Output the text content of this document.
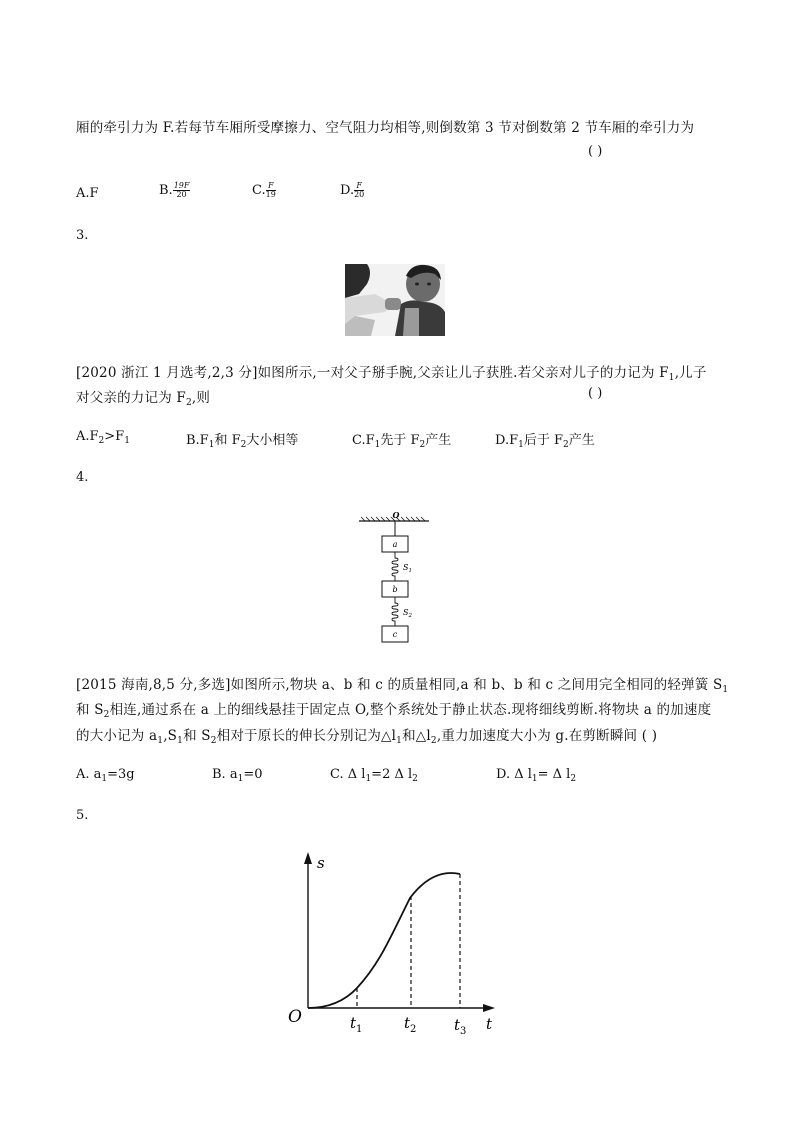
厢的牵引力为 F.若每节车厢所受摩擦力、空气阻力均相等,则倒数第 3 节对倒数第 2 节车厢的牵引力为
( )
A.F	B. $\frac{19F}{20}$	C. $\frac{F}{19}$	D. $\frac{F}{20}$
3.
[2020 浙江 1 月选考,2,3 分]如图所示,一对父子掰手腕,父亲让儿子获胜.若父亲对儿子的力记为 $F_1$,儿子
对父亲的力记为 $F_2$,则	( )
$A.F_2>F_1$	$B.F_1$和 $F_2$大小相等	$C.F_1$先于 $F_2$产生	$D.F_1$后于 $F_2$产生
4.
O
a
$S_1$
b
$S_2$
c
[2015 海南,8,5 分,多选]如图所示,物块 a、b 和 c 的质量相同,a 和 b、b 和 c 之间用完全相同的轻弹簧 $S_1$
和 $S_2$相连,通过系在 a 上的细线悬挂于固定点 O,整个系统处于静止状态.现将细线剪断.将物块 a 的加速度
的大小记为 $a_1,S_1$和 $S_2$相对于原长的伸长分别记为$\triangle l_1$和$\triangle l_2$,重力加速度大小为 g.在剪断瞬间 ( )
A. $a_1=3g$	B. $a_1=0$	C. Δ $l_1=2$ Δ $l_2$	D. Δ $l_1= \Delta$ $l_2$
5.
s
t
O	$t_1$	$t_2$	$t_3$
